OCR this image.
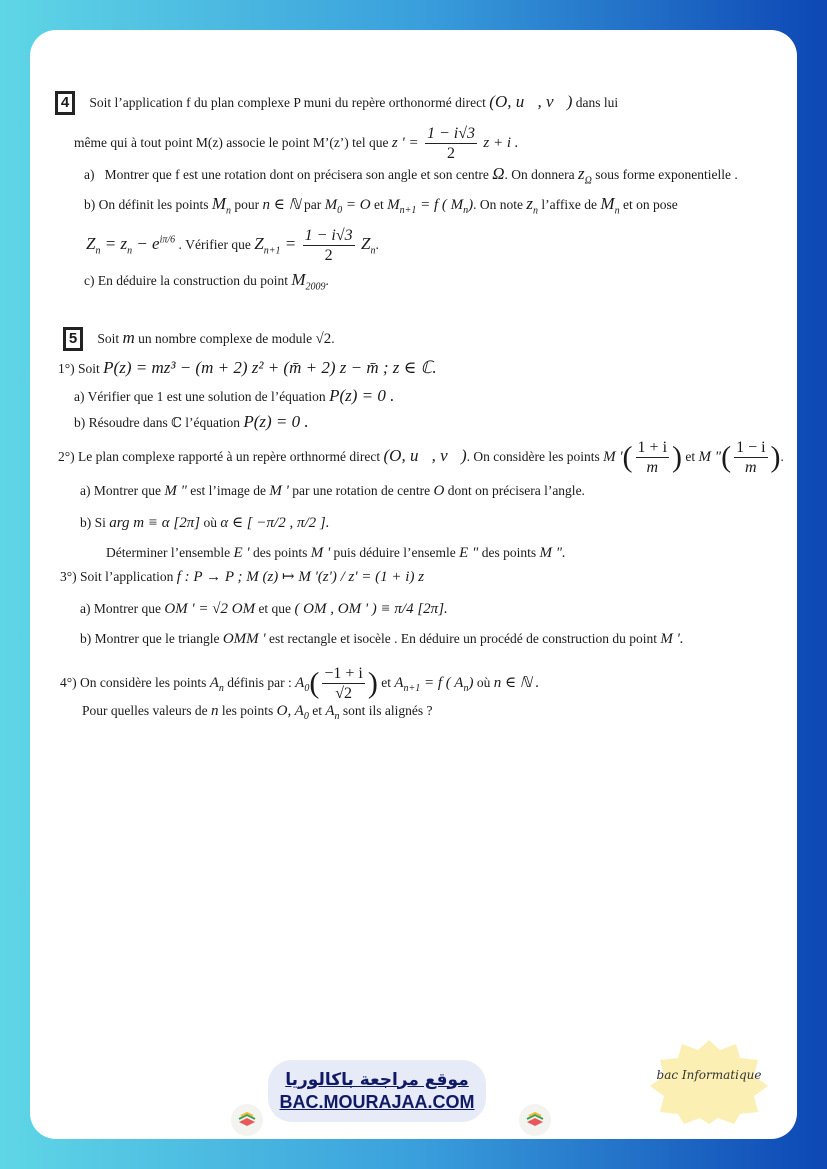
4 Soit l’application f du plan complexe P muni du repère orthonormé direct (O, u⃗, v⃗) dans lui
même qui à tout point M(z) associe le point M’(z’) tel que z ' = $\frac{1 - i√3}{2}$ z + i .
a) Montrer que f est une rotation dont on précisera son angle et son centre Ω. On donnera $z_\Omega$ sous forme exponentielle .
b) On définit les points $M_n$ pour n ∈ ℕ par $M_0 = O$ et $M_{n+1} = f$ ( $M_n$). On note $z_n$ l’affixe de $M_n$ et on pose
$Z_n = z_n - e^{i\pi/6}$ . Vérifier que $Z_{n+1} = \frac{1 - i√3}{2} Z_n$.
c) En déduire la construction du point $M_{2009}$.
5 Soit m un nombre complexe de module √2.
1°) Soit P(z) = mz³ − (m + 2) z² + (m̄ + 2) z − m̄ ; z ∈ ℂ.
a) Vérifier que 1 est une solution de l’équation P(z) = 0 .
b) Résoudre dans ℂ l’équation P(z) = 0 .
2°) Le plan complexe rapporté à un repère orthnormé direct (O, u⃗, v⃗). On considère les points M '( $\frac{1 + i}{m}$ ) et M "( $\frac{1 - i}{m}$ ).
a) Montrer que M " est l’image de M ' par une rotation de centre O dont on précisera l’angle.
b) Si arg m ≡ α [2π] où α ∈ [ −π/2 , π/2 ].
Déterminer l’ensemble E ' des points M ' puis déduire l’ensemle E " des points M ".
3°) Soit l’application f : P → P ; M (z) ↦ M '(z') / z' = (1 + i) z
a) Montrer que OM ' = √2 OM et que ( OM , OM ' ) ≡ π/4 [2π].
b) Montrer que le triangle OMM ' est rectangle et isocèle . En déduire un procédé de construction du point M '.
4°) On considère les points $A_n$ définis par : $A_0( \frac{-1 + i}{√2}$ ) et $A_{n+1} = f$ ( $A_n$) où n ∈ ℕ .
Pour quelles valeurs de n les points O, $A_0$ et $A_n$ sont ils alignés ?
موقع مراجعة باكالوريا
BAC.MOURAJAA.COM
bac Informatique
